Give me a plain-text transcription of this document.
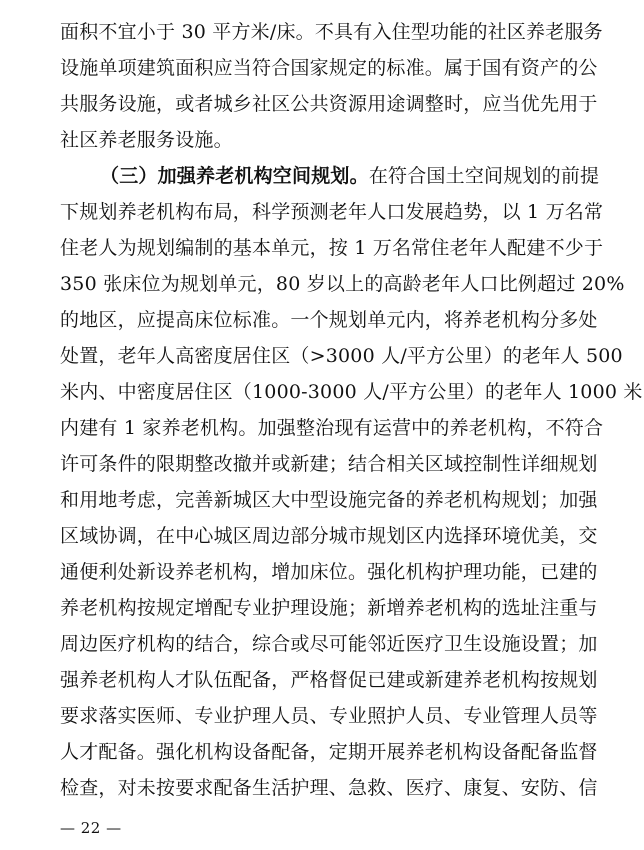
面积不宜小于 30 平方米/床。不具有入住型功能的社区养老服务
设施单项建筑面积应当符合国家规定的标准。属于国有资产的公
共服务设施，或者城乡社区公共资源用途调整时，应当优先用于
社区养老服务设施。
（三）加强养老机构空间规划。在符合国土空间规划的前提
下规划养老机构布局，科学预测老年人口发展趋势，以 1 万名常
住老人为规划编制的基本单元，按 1 万名常住老年人配建不少于
350 张床位为规划单元，80 岁以上的高龄老年人口比例超过 20%
的地区，应提高床位标准。一个规划单元内，将养老机构分多处
处置，老年人高密度居住区（>3000 人/平方公里）的老年人 500
米内、中密度居住区（1000-3000 人/平方公里）的老年人 1000 米
内建有 1 家养老机构。加强整治现有运营中的养老机构，不符合
许可条件的限期整改撤并或新建；结合相关区域控制性详细规划
和用地考虑，完善新城区大中型设施完备的养老机构规划；加强
区域协调，在中心城区周边部分城市规划区内选择环境优美，交
通便利处新设养老机构，增加床位。强化机构护理功能，已建的
养老机构按规定增配专业护理设施；新增养老机构的选址注重与
周边医疗机构的结合，综合或尽可能邻近医疗卫生设施设置；加
强养老机构人才队伍配备，严格督促已建或新建养老机构按规划
要求落实医师、专业护理人员、专业照护人员、专业管理人员等
人才配备。强化机构设备配备，定期开展养老机构设备配备监督
检查，对未按要求配备生活护理、急救、医疗、康复、安防、信
— 22 —
